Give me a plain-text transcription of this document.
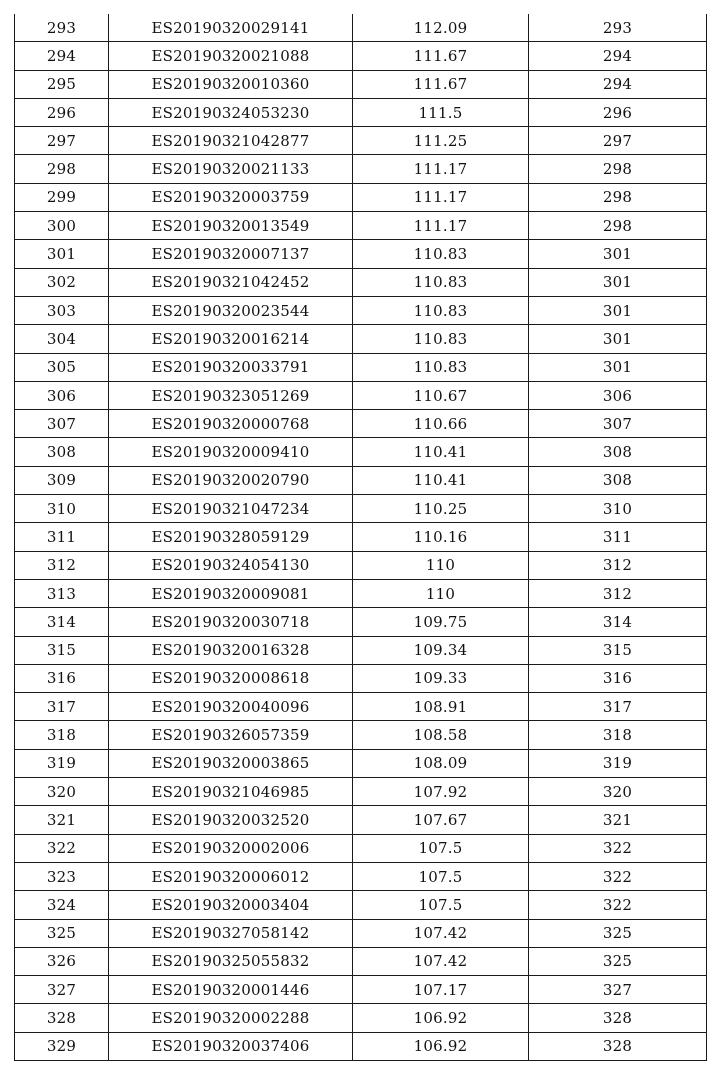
293	ES20190320029141	112.09	293
294	ES20190320021088	111.67	294
295	ES20190320010360	111.67	294
296	ES20190324053230	111.5	296
297	ES20190321042877	111.25	297
298	ES20190320021133	111.17	298
299	ES20190320003759	111.17	298
300	ES20190320013549	111.17	298
301	ES20190320007137	110.83	301
302	ES20190321042452	110.83	301
303	ES20190320023544	110.83	301
304	ES20190320016214	110.83	301
305	ES20190320033791	110.83	301
306	ES20190323051269	110.67	306
307	ES20190320000768	110.66	307
308	ES20190320009410	110.41	308
309	ES20190320020790	110.41	308
310	ES20190321047234	110.25	310
311	ES20190328059129	110.16	311
312	ES20190324054130	110	312
313	ES20190320009081	110	312
314	ES20190320030718	109.75	314
315	ES20190320016328	109.34	315
316	ES20190320008618	109.33	316
317	ES20190320040096	108.91	317
318	ES20190326057359	108.58	318
319	ES20190320003865	108.09	319
320	ES20190321046985	107.92	320
321	ES20190320032520	107.67	321
322	ES20190320002006	107.5	322
323	ES20190320006012	107.5	322
324	ES20190320003404	107.5	322
325	ES20190327058142	107.42	325
326	ES20190325055832	107.42	325
327	ES20190320001446	107.17	327
328	ES20190320002288	106.92	328
329	ES20190320037406	106.92	328
